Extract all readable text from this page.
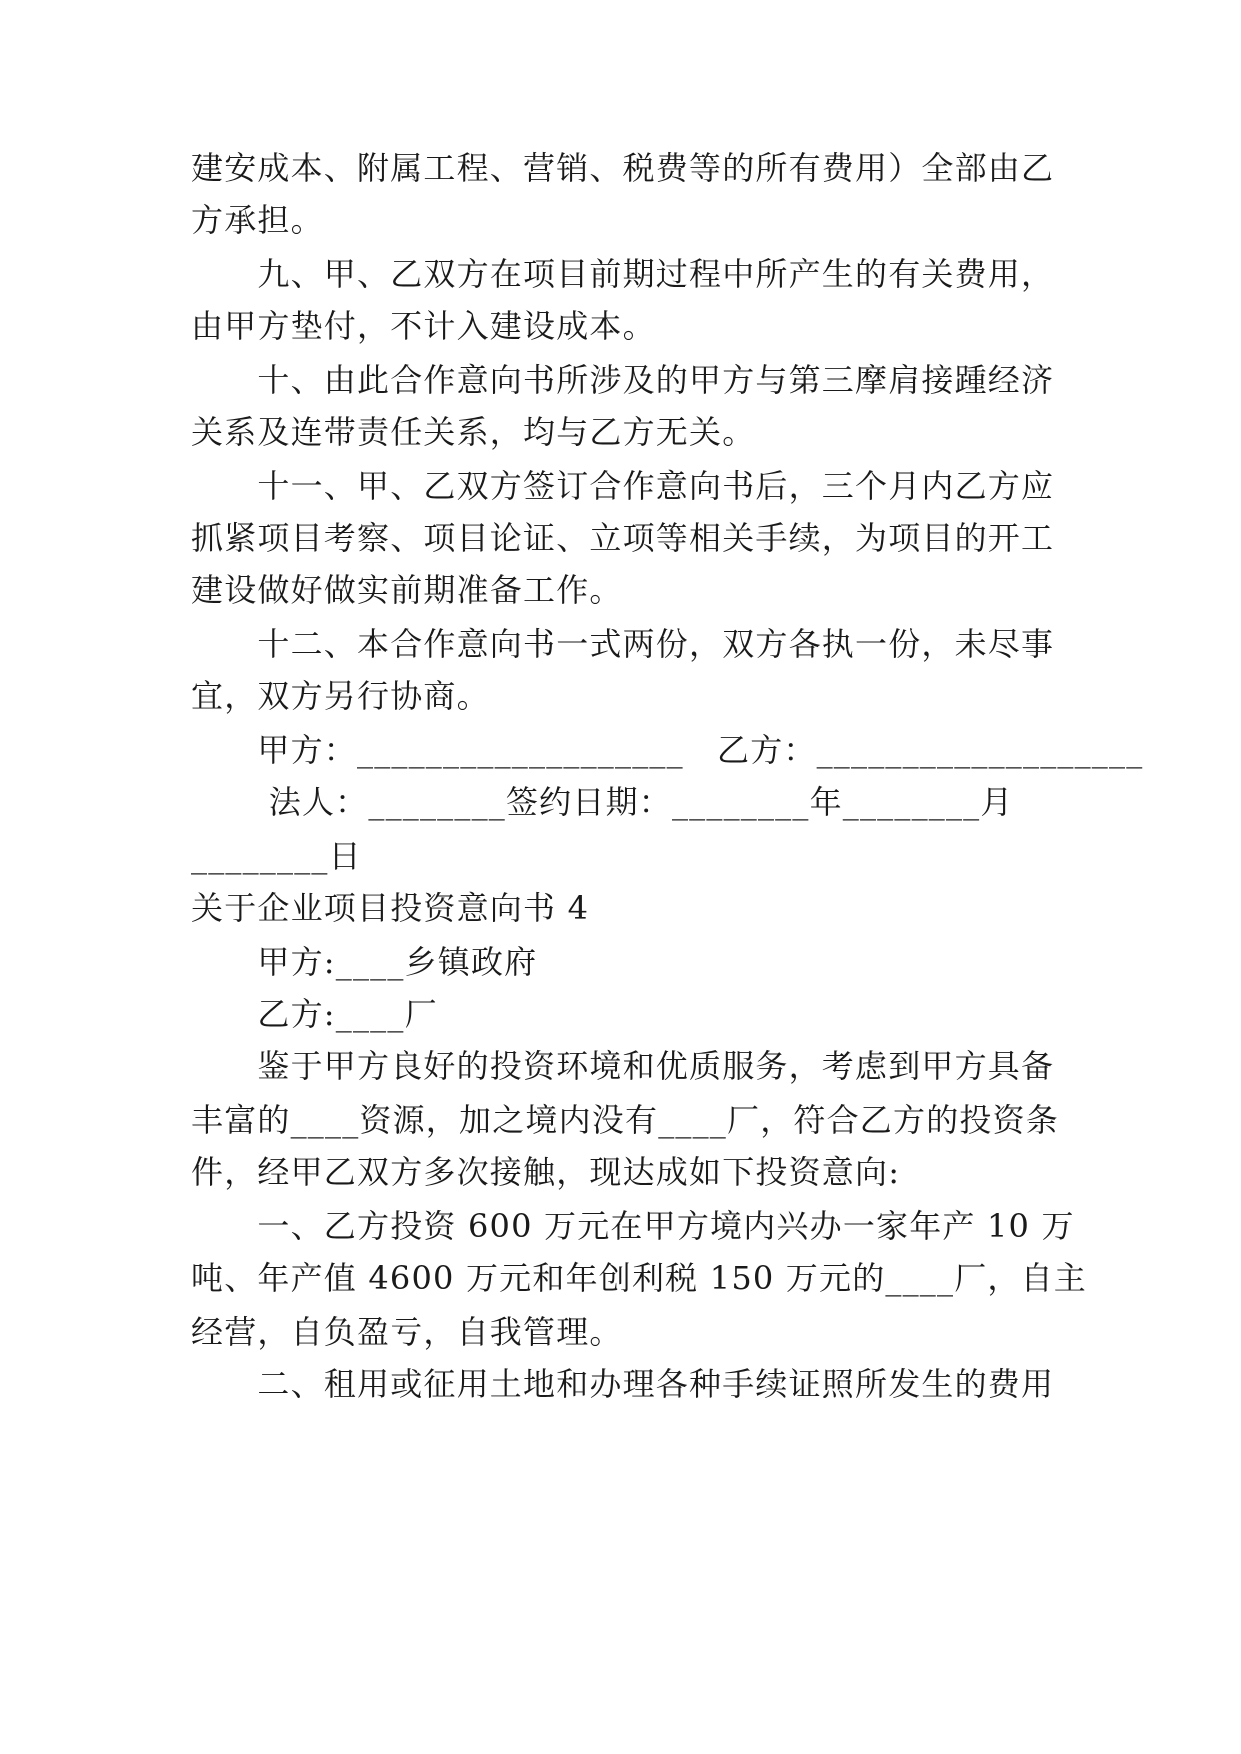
建安成本、附属工程、营销、税费等的所有费用）全部由乙

方承担。

　　九、甲、乙双方在项目前期过程中所产生的有关费用，

由甲方垫付，不计入建设成本。

　　十、由此合作意向书所涉及的甲方与第三摩肩接踵经济

关系及连带责任关系，均与乙方无关。

　　十一、甲、乙双方签订合作意向书后，三个月内乙方应

抓紧项目考察、项目论证、立项等相关手续，为项目的开工

建设做好做实前期准备工作。

　　十二、本合作意向书一式两份，双方各执一份，未尽事

宜，双方另行协商。

　　甲方：___________________　乙方：___________________

　　 法人：________签约日期：________年________月

________日

关于企业项目投资意向书 4

　　甲方:____乡镇政府

　　乙方:____厂

　　鉴于甲方良好的投资环境和优质服务，考虑到甲方具备

丰富的____资源，加之境内没有____厂，符合乙方的投资条

件，经甲乙双方多次接触，现达成如下投资意向:

　　一、乙方投资 600 万元在甲方境内兴办一家年产 10 万

吨、年产值 4600 万元和年创利税 150 万元的____厂，自主

经营，自负盈亏，自我管理。

　　二、租用或征用土地和办理各种手续证照所发生的费用
